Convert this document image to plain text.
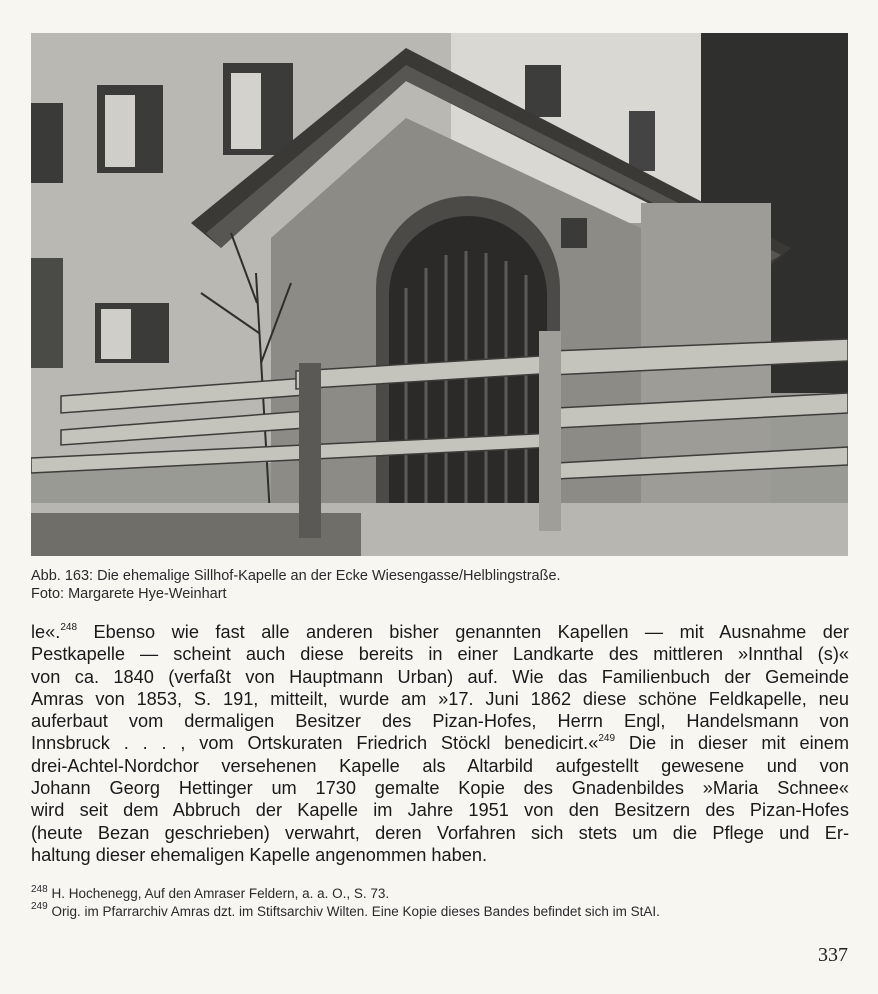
Abb. 163: Die ehemalige Sillhof-Kapelle an der Ecke Wiesengasse/Helblingstraße.
Foto: Margarete Hye-Weinhart
le«.$^{248}$ Ebenso wie fast alle anderen bisher genannten Kapellen — mit Ausnahme der
Pestkapelle — scheint auch diese bereits in einer Landkarte des mittleren »Innthal (s)«
von ca. 1840 (verfaßt von Hauptmann Urban) auf. Wie das Familienbuch der Gemeinde
Amras von 1853, S. 191, mitteilt, wurde am »17. Juni 1862 diese schöne Feldkapelle, neu
auferbaut vom dermaligen Besitzer des Pizan-Hofes, Herrn Engl, Handelsmann von
Innsbruck . . . , vom Ortskuraten Friedrich Stöckl benedicirt.«$^{249}$ Die in dieser mit einem
drei-Achtel-Nordchor versehenen Kapelle als Altarbild aufgestellt gewesene und von
Johann Georg Hettinger um 1730 gemalte Kopie des Gnadenbildes »Maria Schnee«
wird seit dem Abbruch der Kapelle im Jahre 1951 von den Besitzern des Pizan-Hofes
(heute Bezan geschrieben) verwahrt, deren Vorfahren sich stets um die Pflege und Er-
haltung dieser ehemaligen Kapelle angenommen haben.
$^{248}$ H. Hochenegg, Auf den Amraser Feldern, a. a. O., S. 73.
$^{249}$ Orig. im Pfarrarchiv Amras dzt. im Stiftsarchiv Wilten. Eine Kopie dieses Bandes befindet sich im StAI.
337
